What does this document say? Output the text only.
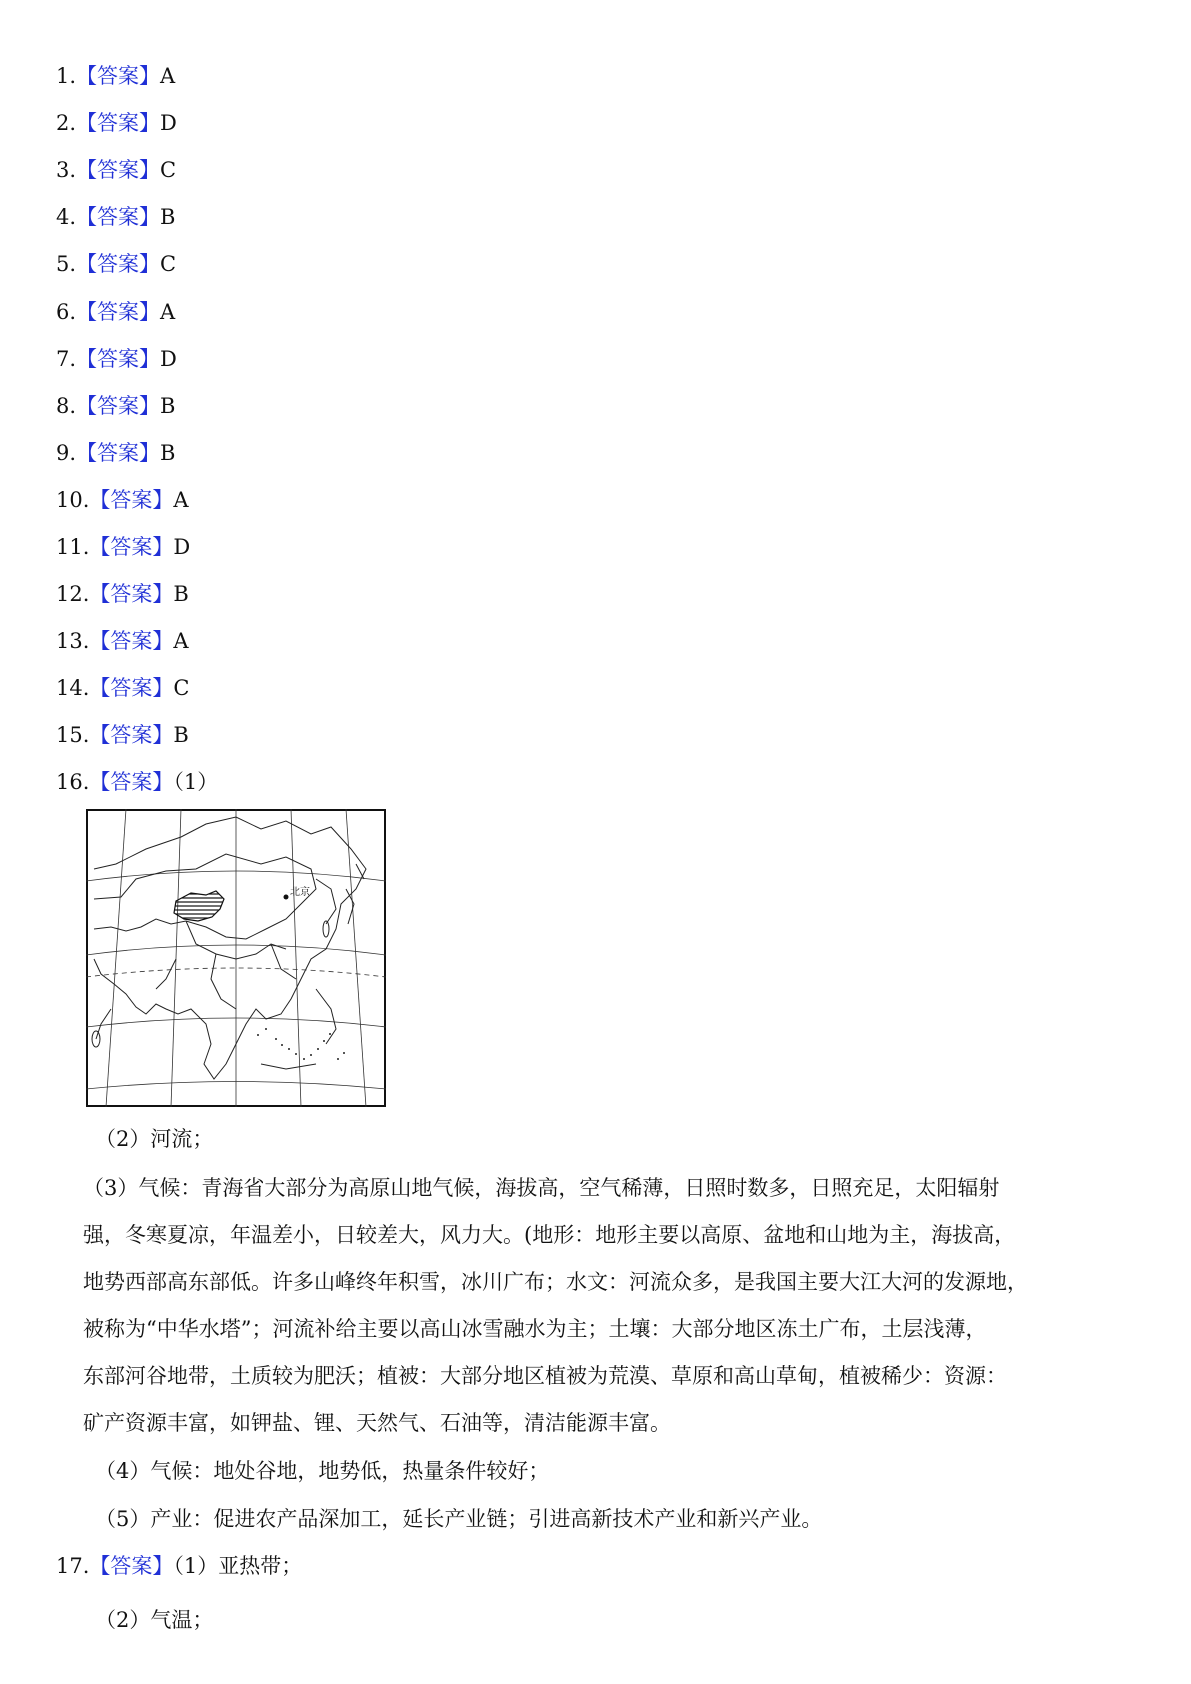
1.【答案】A
2.【答案】D
3.【答案】C
4.【答案】B
5.【答案】C
6.【答案】A
7.【答案】D
8.【答案】B
9.【答案】B
10.【答案】A
11.【答案】D
12.【答案】B
13.【答案】A
14.【答案】C
15.【答案】B
16.【答案】（1）
北京
（2）河流；
（3）气候：青海省大部分为高原山地气候，海拔高，空气稀薄，日照时数多，日照充足，太阳辐射
强，冬寒夏凉，年温差小，日较差大，风力大。(地形：地形主要以高原、盆地和山地为主，海拔高，
地势西部高东部低。许多山峰终年积雪，冰川广布；水文：河流众多，是我国主要大江大河的发源地，
被称为“中华水塔”；河流补给主要以高山冰雪融水为主；土壤：大部分地区冻土广布，土层浅薄，
东部河谷地带，土质较为肥沃；植被：大部分地区植被为荒漠、草原和高山草甸，植被稀少：资源：
矿产资源丰富，如钾盐、锂、天然气、石油等，清洁能源丰富。
（4）气候：地处谷地，地势低，热量条件较好；
（5）产业：促进农产品深加工，延长产业链；引进高新技术产业和新兴产业。
17.【答案】（1）亚热带；
（2）气温；
